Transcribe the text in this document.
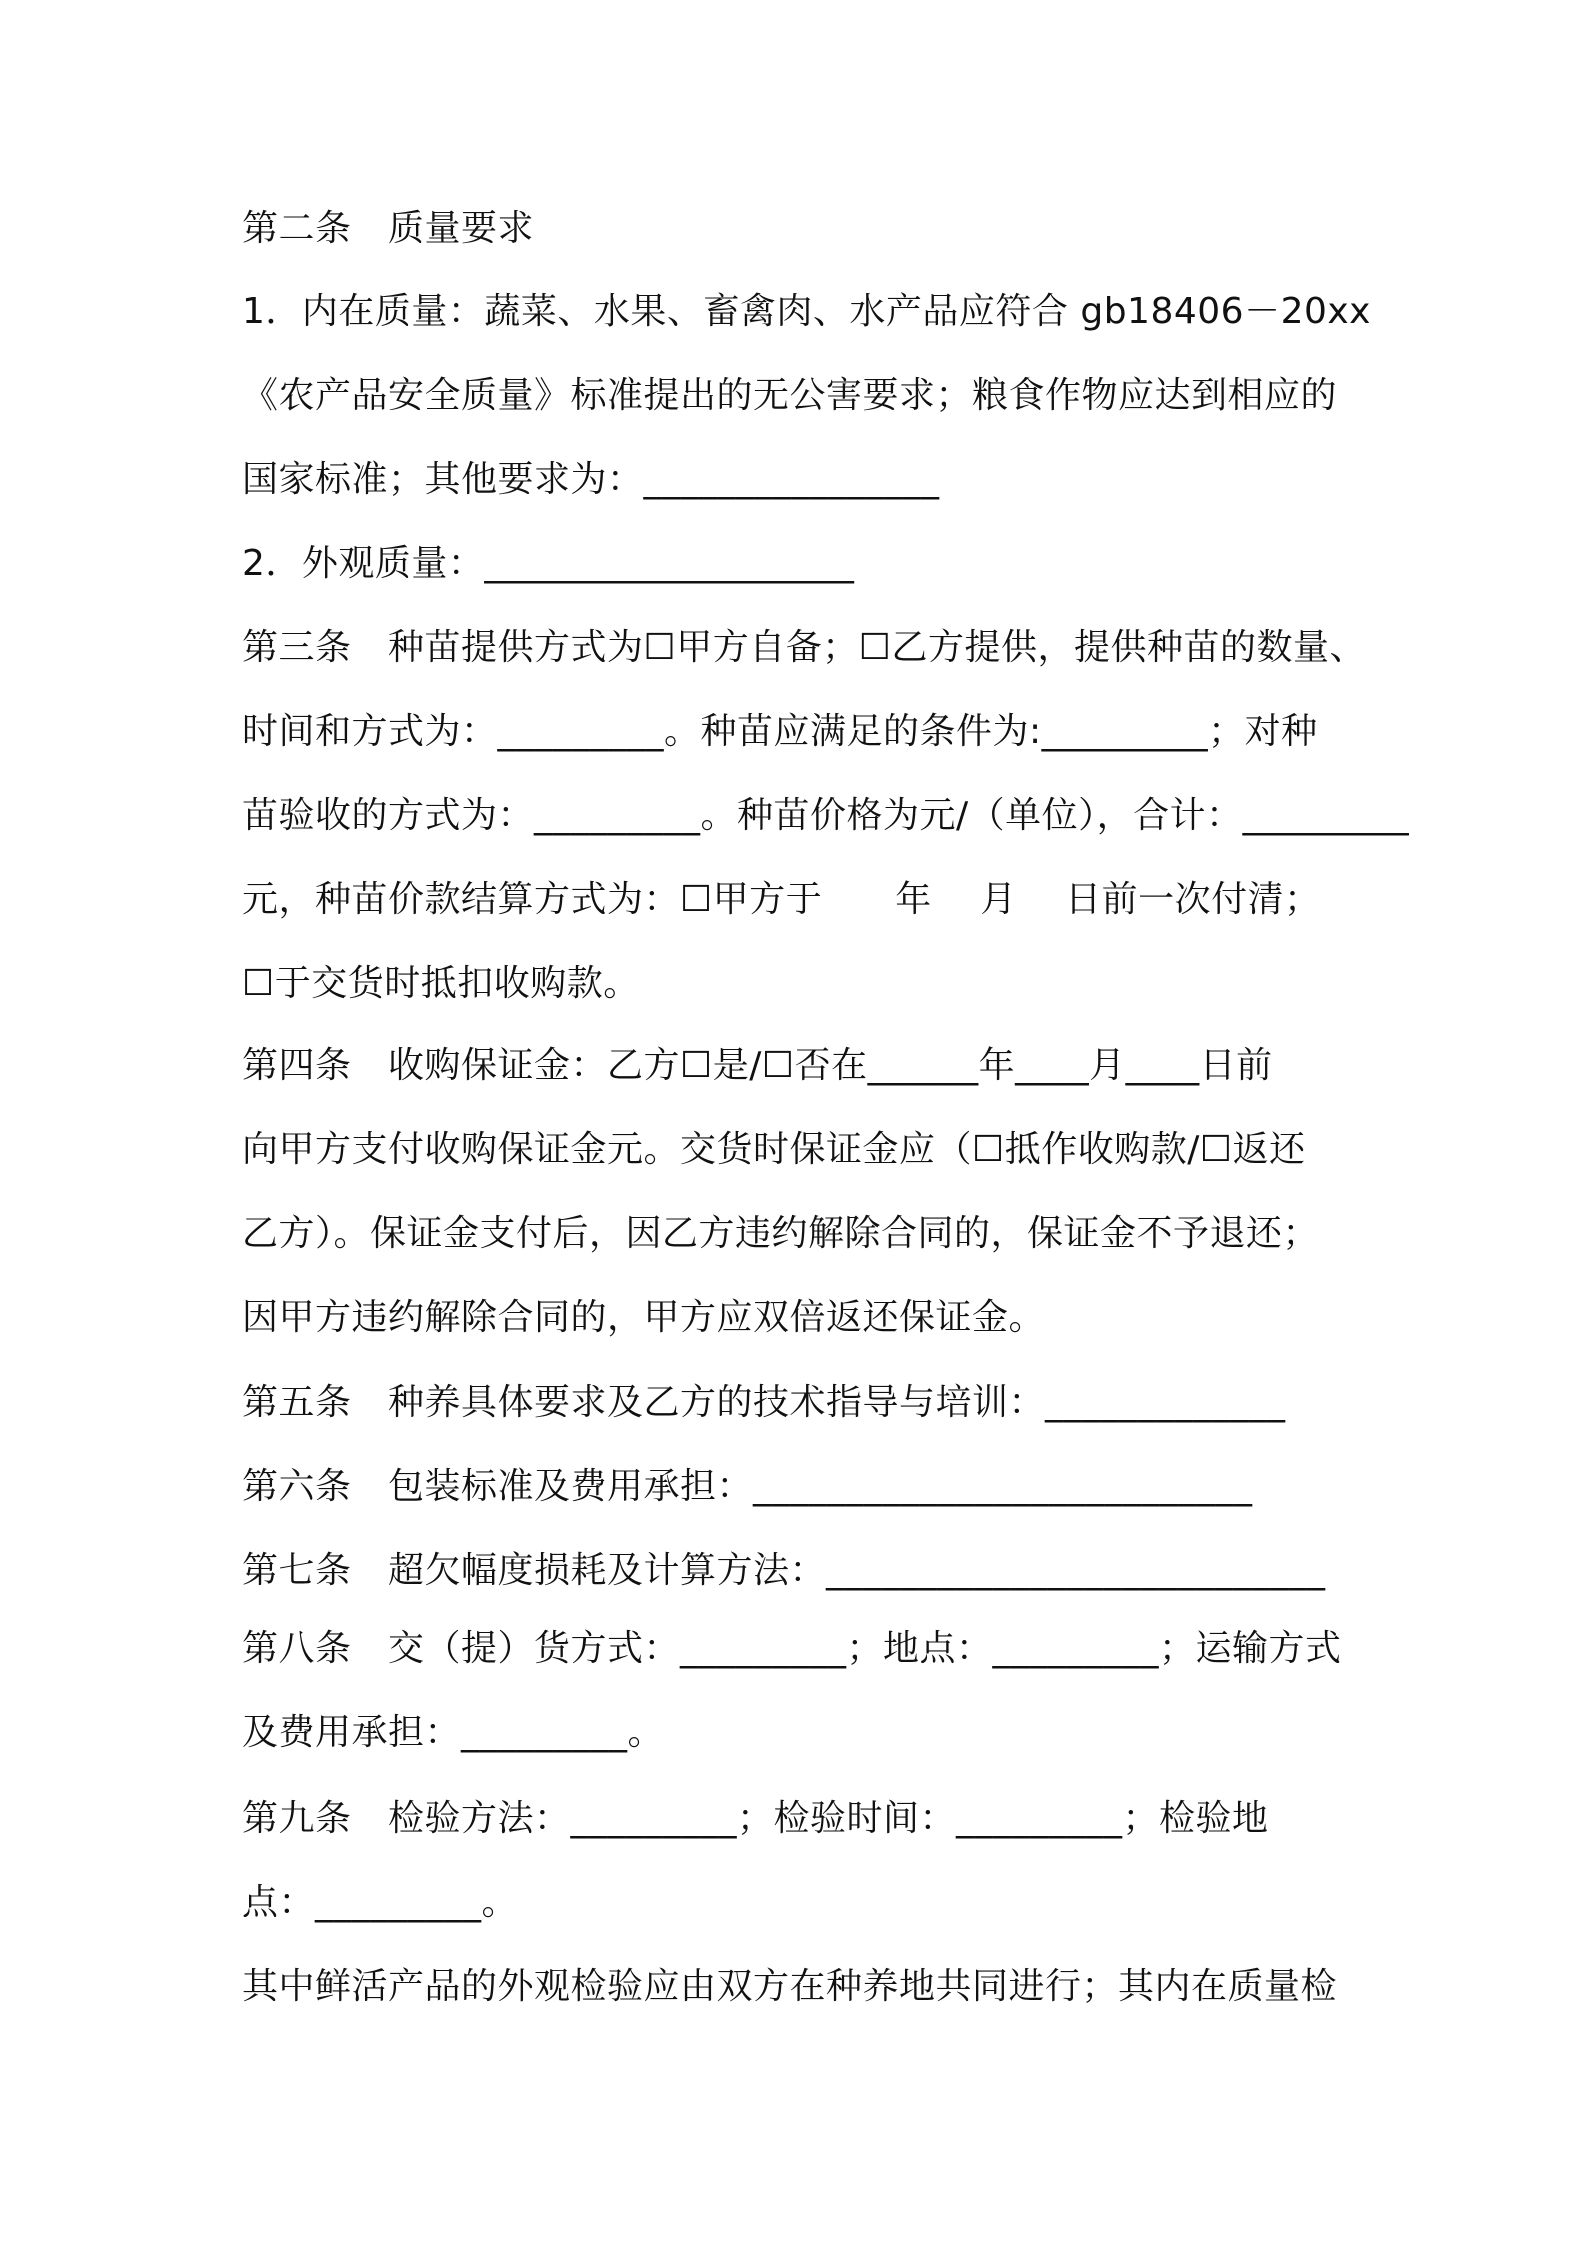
第二条　质量要求
1．内在质量：蔬菜、水果、畜禽肉、水产品应符合 gb18406－20xx
《农产品安全质量》标准提出的无公害要求；粮食作物应达到相应的
国家标准；其他要求为：________________
2．外观质量：____________________
第三条　种苗提供方式为☐甲方自备；☐乙方提供，提供种苗的数量、
时间和方式为：_________。种苗应满足的条件为:_________；对种
苗验收的方式为：_________。种苗价格为元/（单位），合计：_________
元，种苗价款结算方式为：☐甲方于　　年　 月　 日前一次付清；
☐于交货时抵扣收购款。
第四条　收购保证金：乙方☐是/☐否在______年____月____日前
向甲方支付收购保证金元。交货时保证金应（☐抵作收购款/☐返还
乙方）。保证金支付后，因乙方违约解除合同的，保证金不予退还；
因甲方违约解除合同的，甲方应双倍返还保证金。
第五条　种养具体要求及乙方的技术指导与培训：_____________
第六条　包装标准及费用承担：___________________________
第七条　超欠幅度损耗及计算方法：___________________________
第八条　交（提）货方式：_________；地点：_________；运输方式
及费用承担：_________。
第九条　检验方法：_________；检验时间：_________；检验地
点：_________。
其中鲜活产品的外观检验应由双方在种养地共同进行；其内在质量检
